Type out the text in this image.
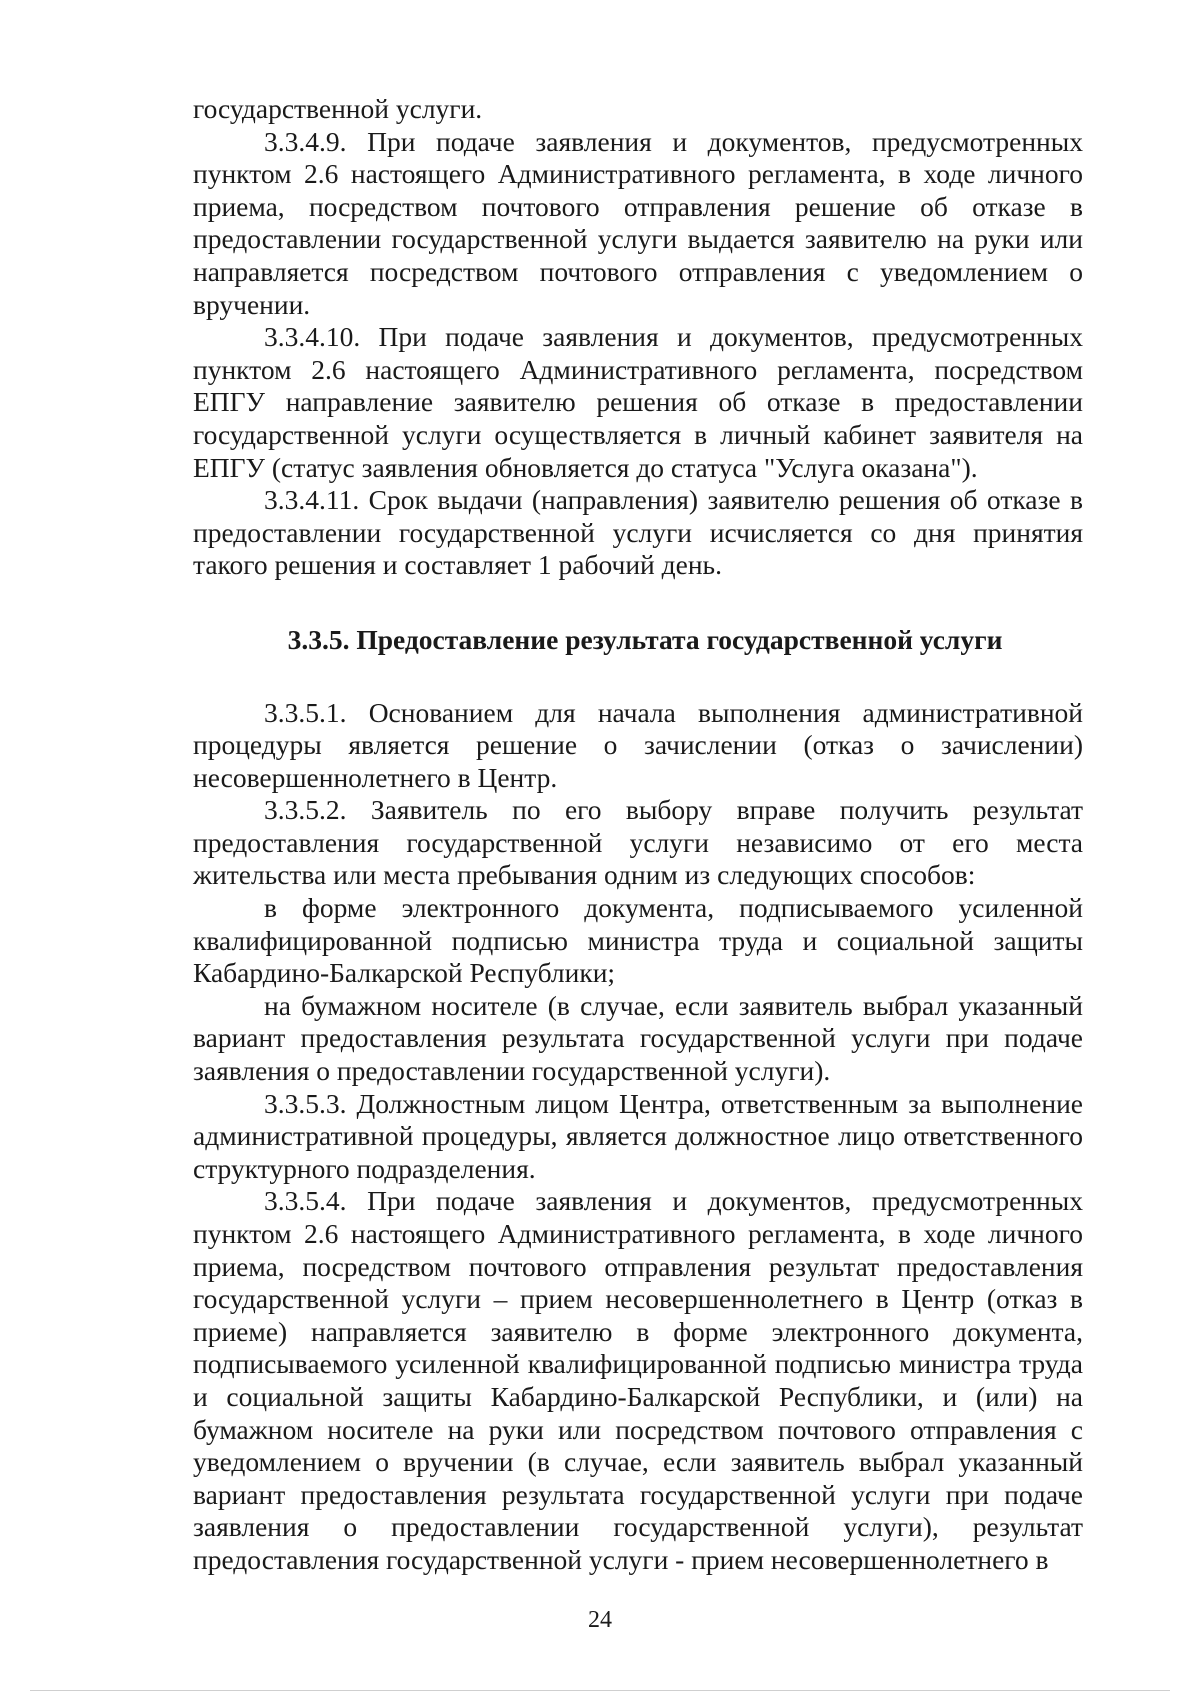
государственной услуги.

3.3.4.9. При подаче заявления и документов, предусмотренных пунктом 2.6 настоящего Административного регламента, в ходе личного приема, посредством почтового отправления решение об отказе в предоставлении государственной услуги выдается заявителю на руки или направляется посредством почтового отправления с уведомлением о вручении.

3.3.4.10. При подаче заявления и документов, предусмотренных пунктом 2.6 настоящего Административного регламента, посредством ЕПГУ направление заявителю решения об отказе в предоставлении государственной услуги осуществляется в личный кабинет заявителя на ЕПГУ (статус заявления обновляется до статуса "Услуга оказана").

3.3.4.11. Срок выдачи (направления) заявителю решения об отказе в предоставлении государственной услуги исчисляется со дня принятия такого решения и составляет 1 рабочий день.

3.3.5. Предоставление результата государственной услуги

3.3.5.1. Основанием для начала выполнения административной процедуры является решение о зачислении (отказ о зачислении) несовершеннолетнего в Центр.

3.3.5.2. Заявитель по его выбору вправе получить результат предоставления государственной услуги независимо от его места жительства или места пребывания одним из следующих способов:

в форме электронного документа, подписываемого усиленной квалифицированной подписью министра труда и социальной защиты Кабардино-Балкарской Республики;

на бумажном носителе (в случае, если заявитель выбрал указанный вариант предоставления результата государственной услуги при подаче заявления о предоставлении государственной услуги).

3.3.5.3. Должностным лицом Центра, ответственным за выполнение административной процедуры, является должностное лицо ответственного структурного подразделения.

3.3.5.4. При подаче заявления и документов, предусмотренных пунктом 2.6 настоящего Административного регламента, в ходе личного приема, посредством почтового отправления результат предоставления государственной услуги – прием несовершеннолетнего в Центр (отказ в приеме) направляется заявителю в форме электронного документа, подписываемого усиленной квалифицированной подписью министра труда и социальной защиты Кабардино-Балкарской Республики, и (или) на бумажном носителе на руки или посредством почтового отправления с уведомлением о вручении (в случае, если заявитель выбрал указанный вариант предоставления результата государственной услуги при подаче заявления о предоставлении государственной услуги), результат предоставления государственной услуги - прием несовершеннолетнего в

24
